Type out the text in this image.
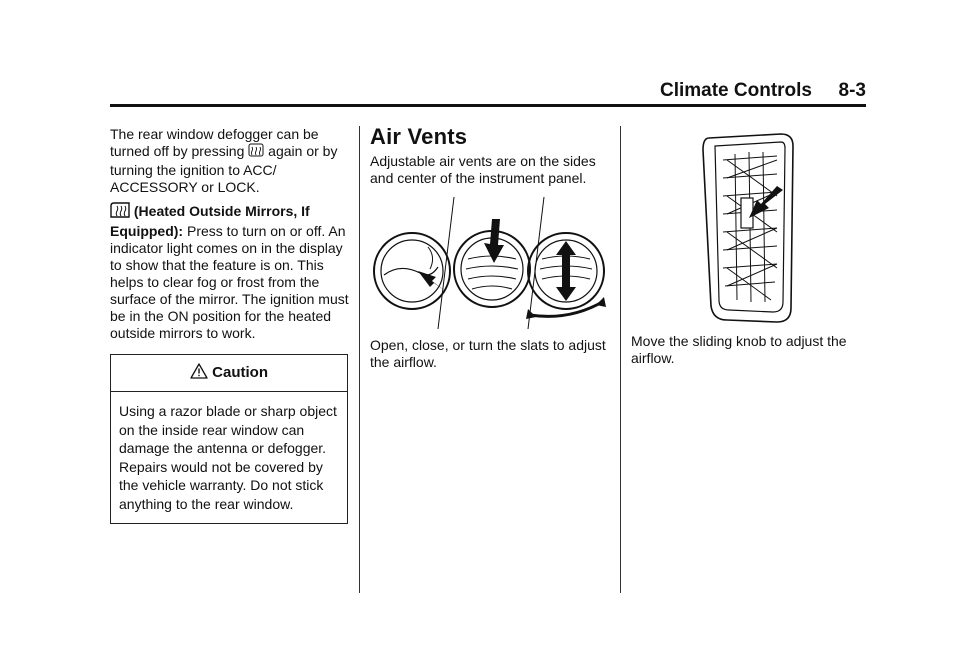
Climate Controls 8-3

The rear window defogger can be turned off by pressing again or by turning the ignition to ACC/ ACCESSORY or LOCK.

(Heated Outside Mirrors, If Equipped): Press to turn on or off. An indicator light comes on in the display to show that the feature is on. This helps to clear fog or frost from the surface of the mirror. The ignition must be in the ON position for the heated outside mirrors to work.

Caution
Using a razor blade or sharp object on the inside rear window can damage the antenna or defogger. Repairs would not be covered by the vehicle warranty. Do not stick anything to the rear window.
Air Vents

Adjustable air vents are on the sides and center of the instrument panel.

Open, close, or turn the slats to adjust the airflow.

Move the sliding knob to adjust the airflow.
